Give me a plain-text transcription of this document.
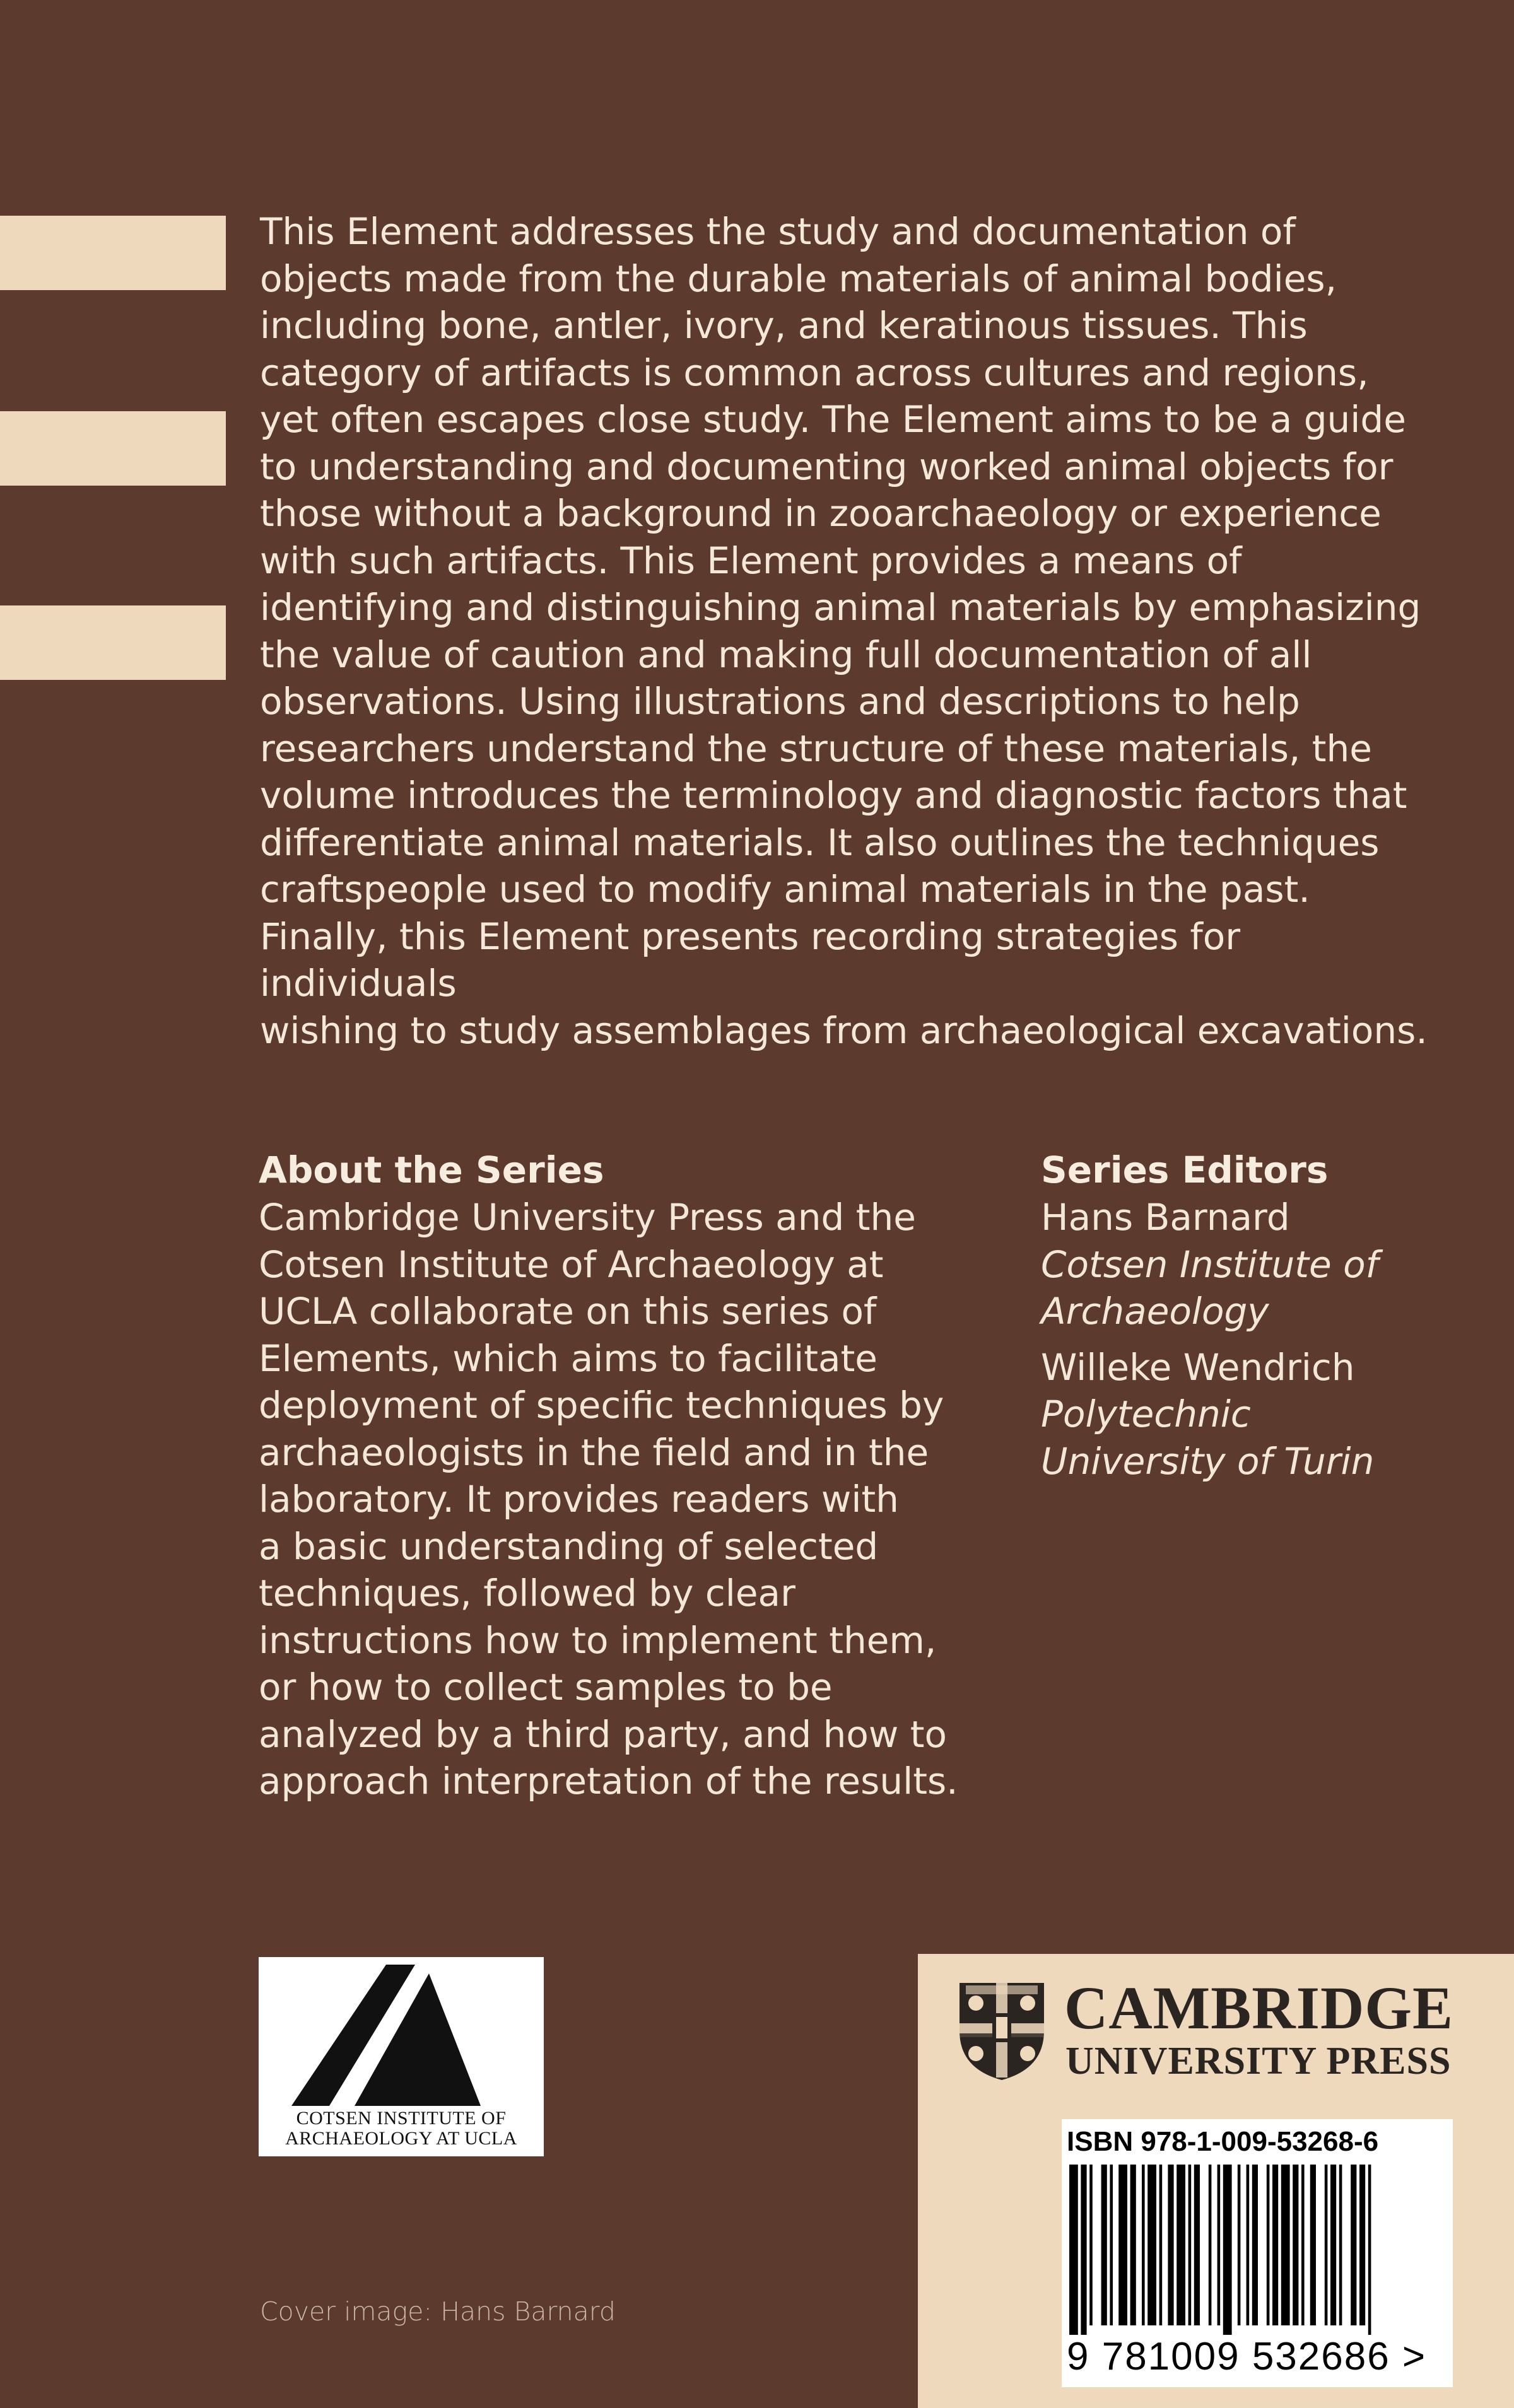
This Element addresses the study and documentation of
objects made from the durable materials of animal bodies,
including bone, antler, ivory, and keratinous tissues. This
category of artifacts is common across cultures and regions,
yet often escapes close study. The Element aims to be a guide
to understanding and documenting worked animal objects for
those without a background in zooarchaeology or experience
with such artifacts. This Element provides a means of
identifying and distinguishing animal materials by emphasizing
the value of caution and making full documentation of all
observations. Using illustrations and descriptions to help
researchers understand the structure of these materials, the
volume introduces the terminology and diagnostic factors that
differentiate animal materials. It also outlines the techniques
craftspeople used to modify animal materials in the past.
Finally, this Element presents recording strategies for individuals
wishing to study assemblages from archaeological excavations.
About the Series
Cambridge University Press and the
Cotsen Institute of Archaeology at
UCLA collaborate on this series of
Elements, which aims to facilitate
deployment of specific techniques by
archaeologists in the field and in the
laboratory. It provides readers with
a basic understanding of selected
techniques, followed by clear
instructions how to implement them,
or how to collect samples to be
analyzed by a third party, and how to
approach interpretation of the results.
Series Editors
Hans Barnard
Cotsen Institute of
Archaeology
Willeke Wendrich
Polytechnic
University of Turin
COTSEN INSTITUTE OF
ARCHAEOLOGY AT UCLA
Cover image: Hans Barnard
CAMBRIDGE
UNIVERSITY PRESS
ISBN 978-1-009-53268-6
9 781009 532686 >
